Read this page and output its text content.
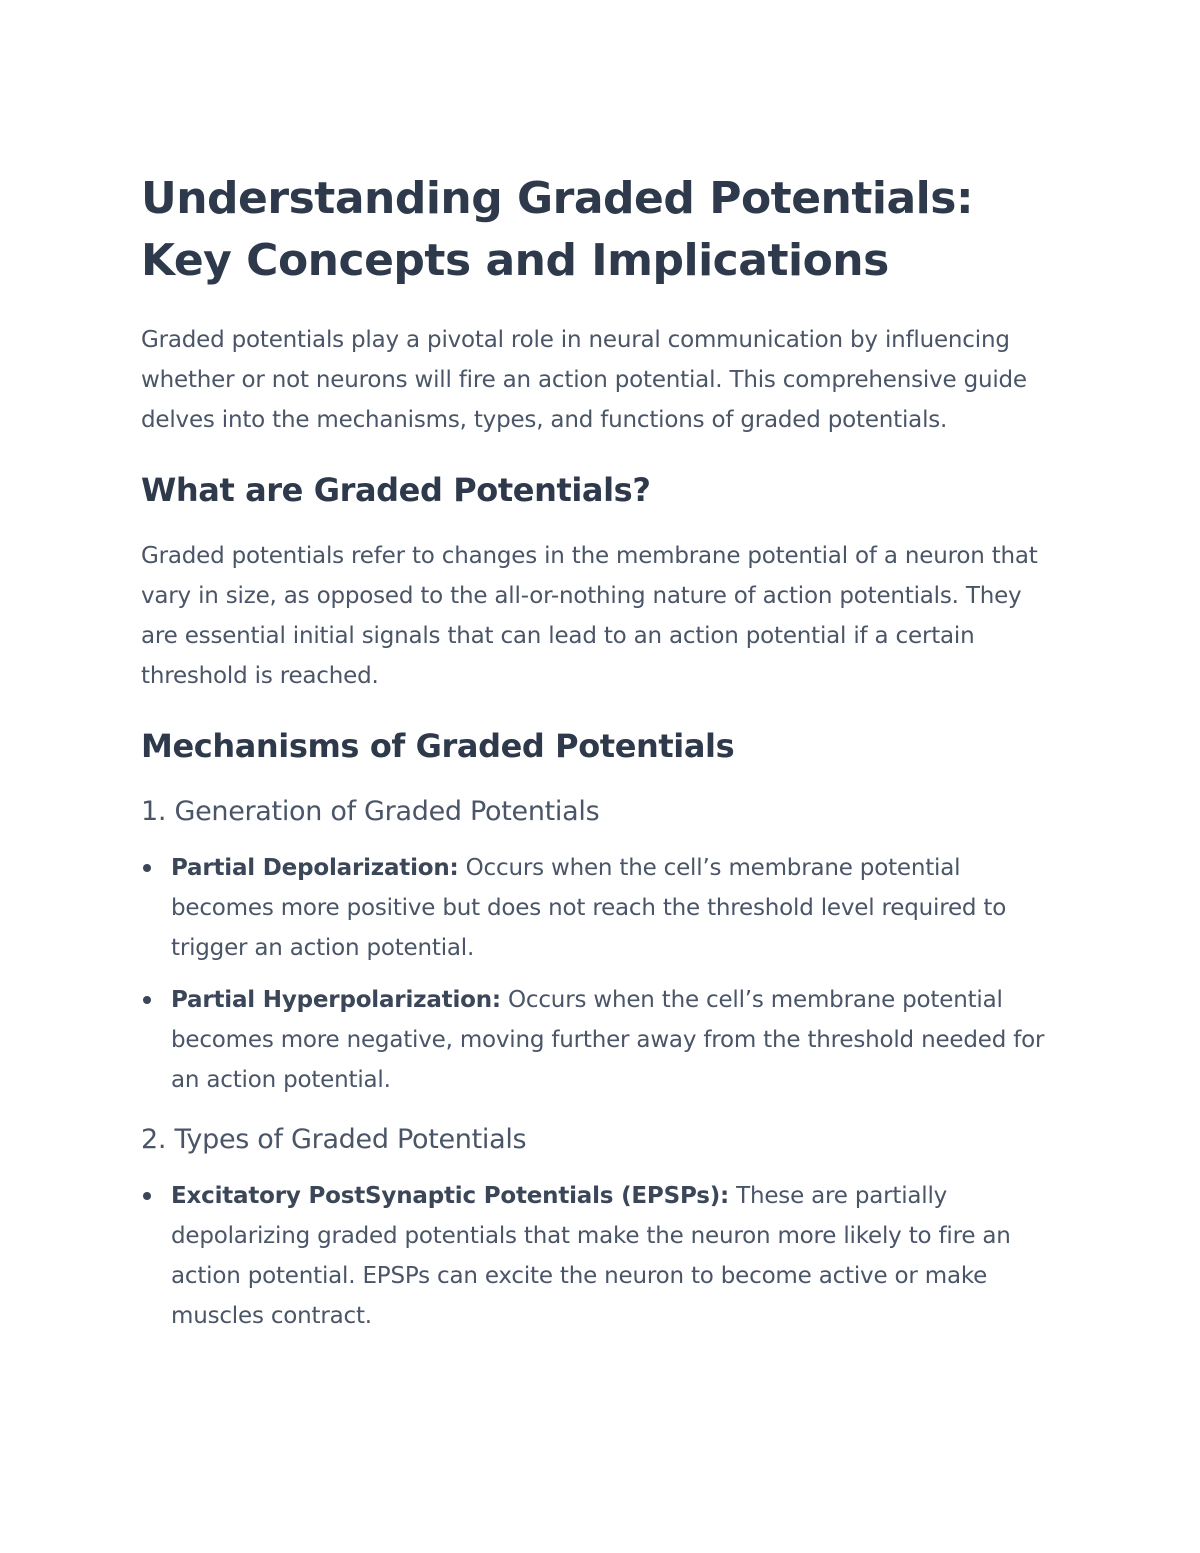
Understanding Graded Potentials: Key Concepts and Implications

Graded potentials play a pivotal role in neural communication by influencing whether or not neurons will fire an action potential. This comprehensive guide delves into the mechanisms, types, and functions of graded potentials.

What are Graded Potentials?

Graded potentials refer to changes in the membrane potential of a neuron that vary in size, as opposed to the all-or-nothing nature of action potentials. They are essential initial signals that can lead to an action potential if a certain threshold is reached.

Mechanisms of Graded Potentials
1. Generation of Graded Potentials
Partial Depolarization: Occurs when the cell’s membrane potential becomes more positive but does not reach the threshold level required to trigger an action potential.
Partial Hyperpolarization: Occurs when the cell’s membrane potential becomes more negative, moving further away from the threshold needed for an action potential.
2. Types of Graded Potentials
Excitatory PostSynaptic Potentials (EPSPs): These are partially depolarizing graded potentials that make the neuron more likely to fire an action potential. EPSPs can excite the neuron to become active or make muscles contract.
